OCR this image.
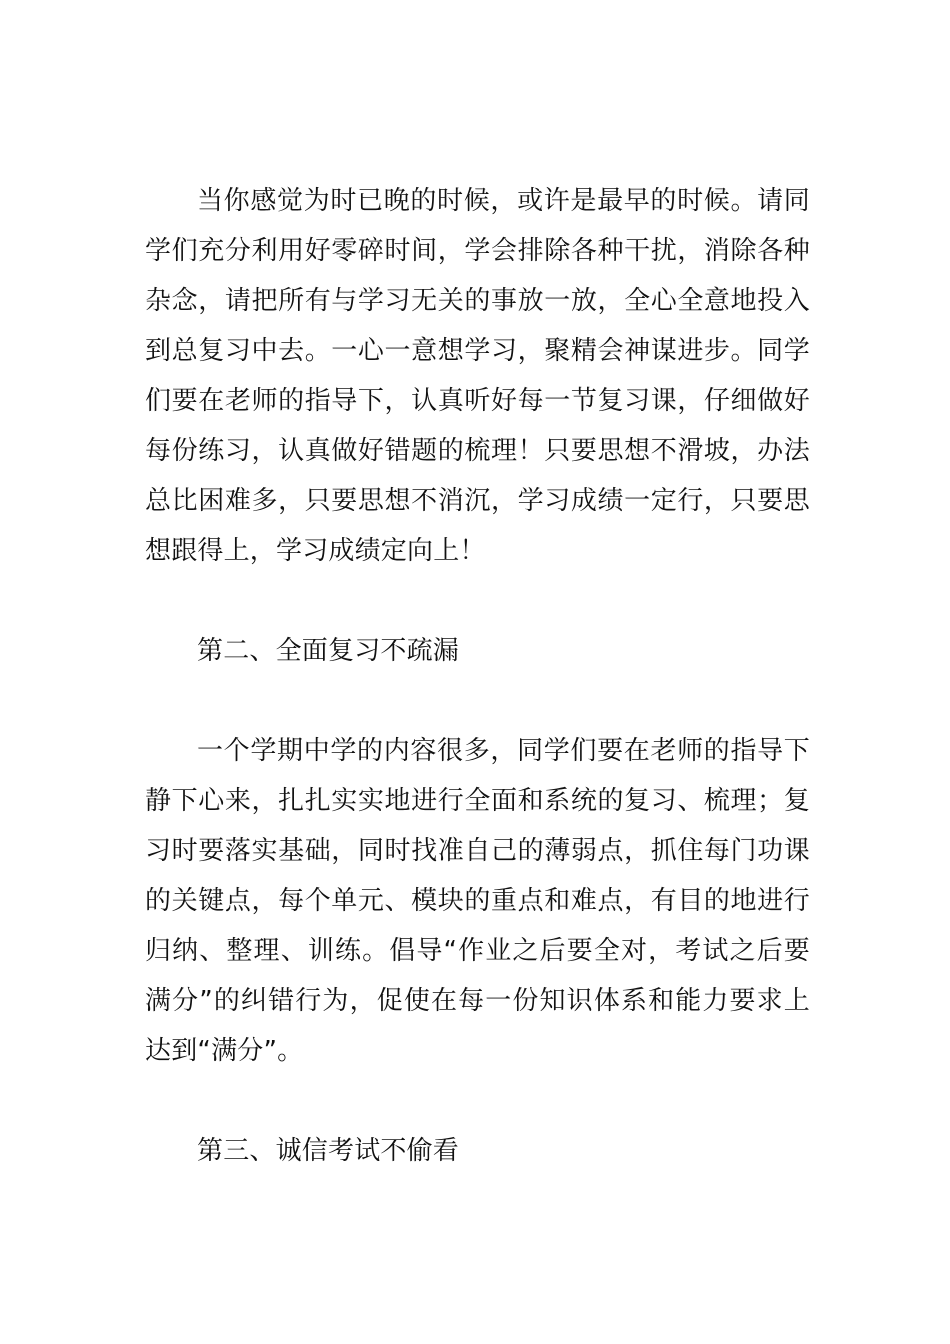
当你感觉为时已晚的时候，或许是最早的时候。请同学们充分利用好零碎时间，学会排除各种干扰，消除各种杂念，请把所有与学习无关的事放一放，全心全意地投入到总复习中去。一心一意想学习，聚精会神谋进步。同学们要在老师的指导下，认真听好每一节复习课，仔细做好每份练习，认真做好错题的梳理！只要思想不滑坡，办法总比困难多，只要思想不消沉，学习成绩一定行，只要思想跟得上，学习成绩定向上！

第二、全面复习不疏漏

一个学期中学的内容很多，同学们要在老师的指导下静下心来，扎扎实实地进行全面和系统的复习、梳理；复习时要落实基础，同时找准自己的薄弱点，抓住每门功课的关键点，每个单元、模块的重点和难点，有目的地进行归纳、整理、训练。倡导“作业之后要全对，考试之后要满分”的纠错行为，促使在每一份知识体系和能力要求上达到“满分”。

第三、诚信考试不偷看
